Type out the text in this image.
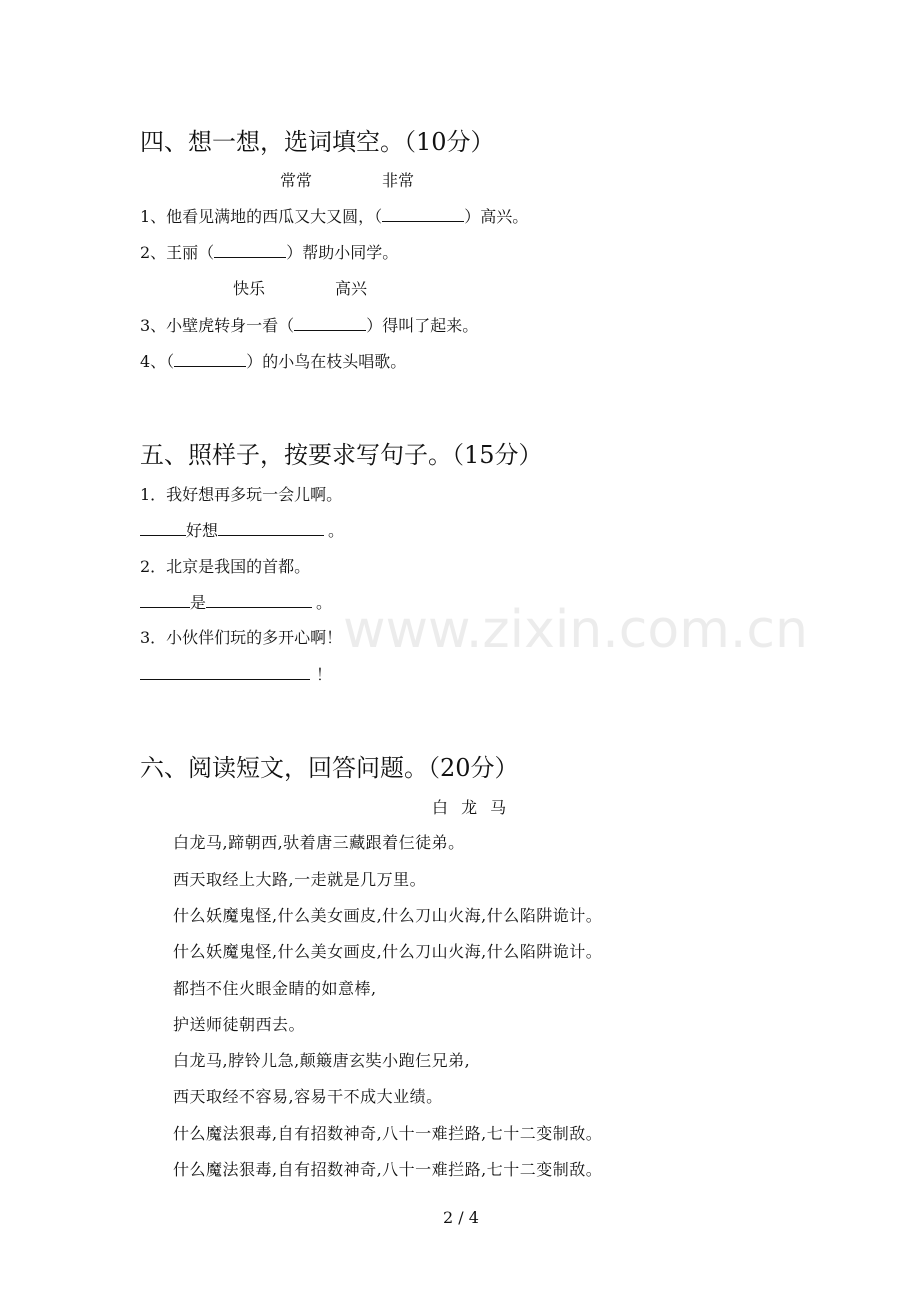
www.zixin.com.cn
四、想一想，选词填空。（10分）
常常	非常
1、他看见满地的西瓜又大又圆，（	）高兴。
2、王丽（	）帮助小同学。
快乐	高兴
3、小壁虎转身一看（	）得叫了起来。
4、（	）的小鸟在枝头唱歌。
五、照样子，按要求写句子。（15分）
1．我好想再多玩一会儿啊。
好想	。
2．北京是我国的首都。
是	。
3．小伙伴们玩的多开心啊！
！
六、阅读短文，回答问题。（20分）
白 龙 马
白龙马,蹄朝西,驮着唐三藏跟着仨徒弟。
西天取经上大路,一走就是几万里。
什么妖魔鬼怪,什么美女画皮,什么刀山火海,什么陷阱诡计。
什么妖魔鬼怪,什么美女画皮,什么刀山火海,什么陷阱诡计。
都挡不住火眼金睛的如意棒,
护送师徒朝西去。
白龙马,脖铃儿急,颠簸唐玄奘小跑仨兄弟,
西天取经不容易,容易干不成大业绩。
什么魔法狠毒,自有招数神奇,八十一难拦路,七十二变制敌。
什么魔法狠毒,自有招数神奇,八十一难拦路,七十二变制敌。
2 / 4
